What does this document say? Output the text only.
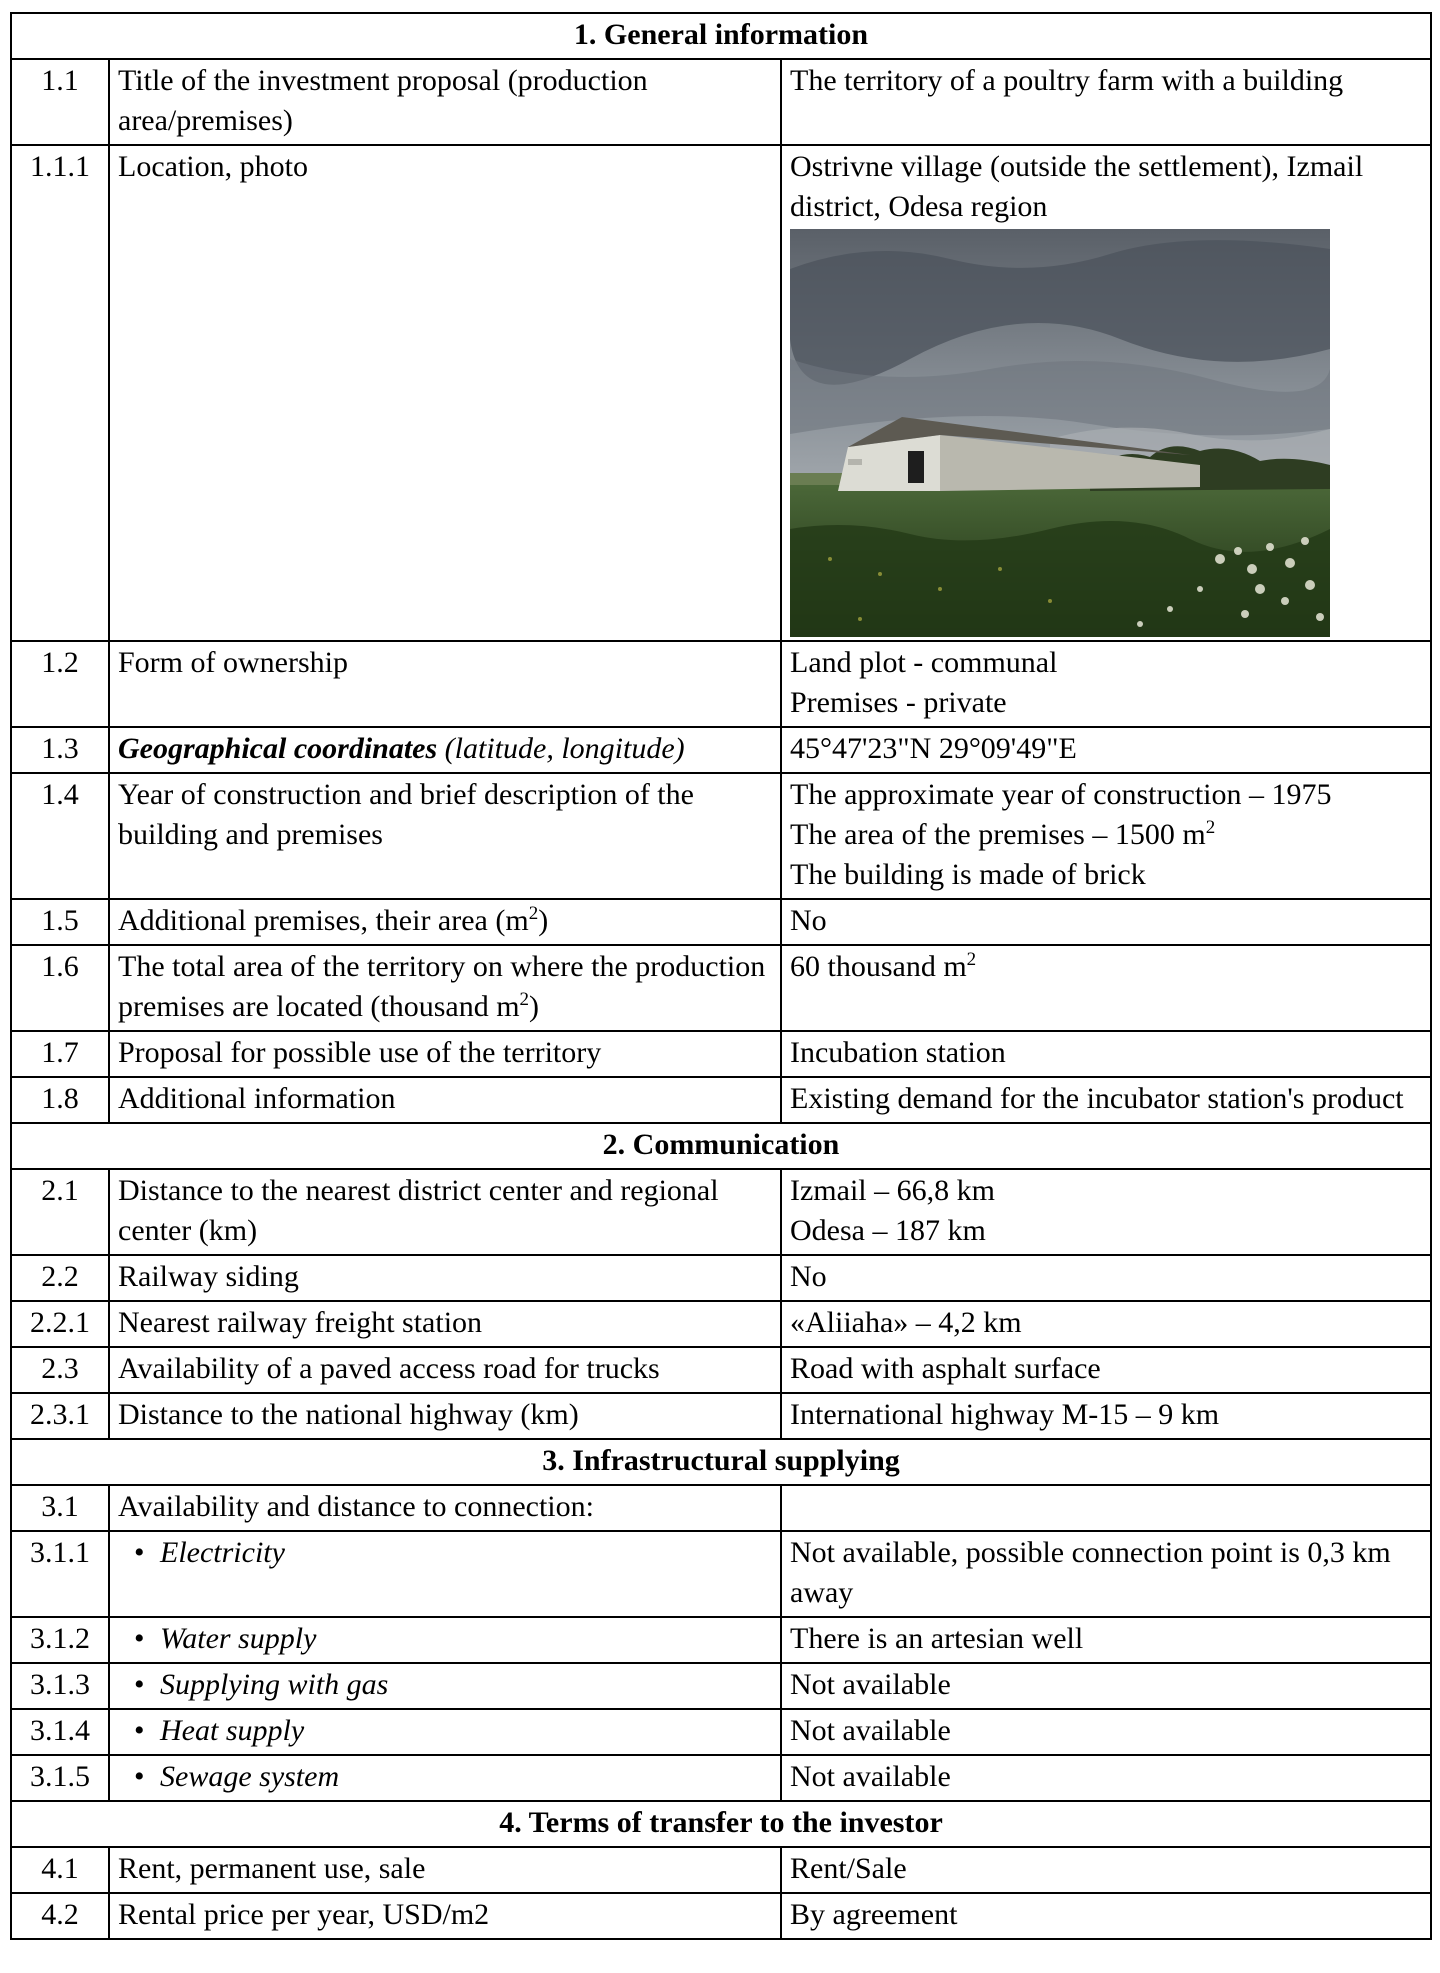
1. General information		
1.1	Title of the investment proposal (production area/premises)	The territory of a poultry farm with a building
1.1.1	Location, photo	Ostrivne village (outside the settlement), Izmail district, Odesa region

1.2	Form of ownership	Land plot - communal
Premises - private

1.3	Geographical coordinates (latitude, longitude)	45°47'23"N 29°09'49"E
1.4	Year of construction and brief description of the building and premises	The approximate year of construction – 1975
The area of the premises – 1500 $m^2$
The building is made of brick

1.5	Additional premises, their area $(m^2)$	No
1.6	The total area of the territory on where the production premises are located (thousand $m^2$)	60 thousand $m^2$
1.7	Proposal for possible use of the territory	Incubation station
1.8	Additional information	Existing demand for the incubator station's product
2. Communication		
2.1	Distance to the nearest district center and regional center (km)	Izmail – 66,8 km
Odesa – 187 km

2.2	Railway siding	No
2.2.1	Nearest railway freight station	«Aliiaha» – 4,2 km
2.3	Availability of a paved access road for trucks	Road with asphalt surface
2.3.1	Distance to the national highway (km)	International highway M-15 – 9 km
3. Infrastructural supplying		
3.1	Availability and distance to connection:	
3.1.1	• Electricity	Not available, possible connection point is 0,3 km away
3.1.2	• Water supply	There is an artesian well
3.1.3	• Supplying with gas	Not available
3.1.4	• Heat supply	Not available
3.1.5	• Sewage system	Not available
4. Terms of transfer to the investor		
4.1	Rent, permanent use, sale	Rent/Sale
4.2	Rental price per year, USD/m2	By agreement
